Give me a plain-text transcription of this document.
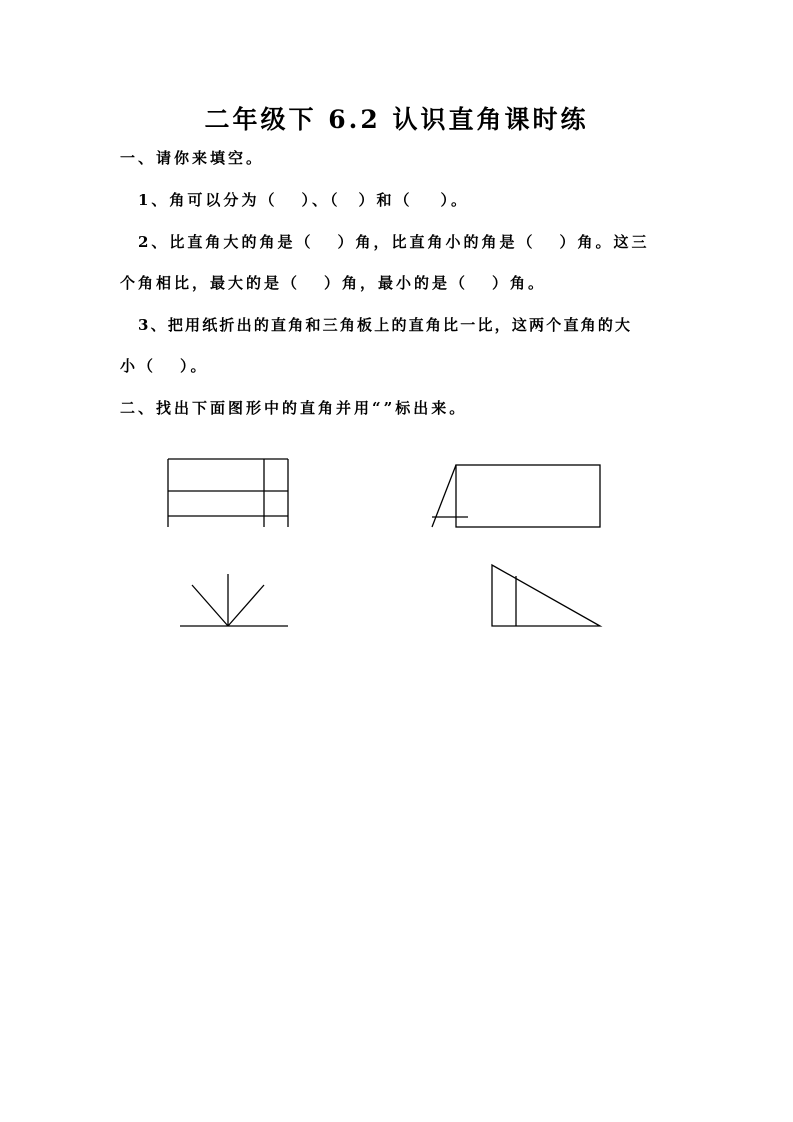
二年级下 6.2 认识直角课时练
一、请你来填空。
1、角可以分为（ ）、（ ）和（ ）。
2、比直角大的角是（ ）角，比直角小的角是（ ）角。这三
个角相比，最大的是（ ）角，最小的是（ ）角。
3、把用纸折出的直角和三角板上的直角比一比，这两个直角的大
小（ ）。
二、找出下面图形中的直角并用“”标出来。
